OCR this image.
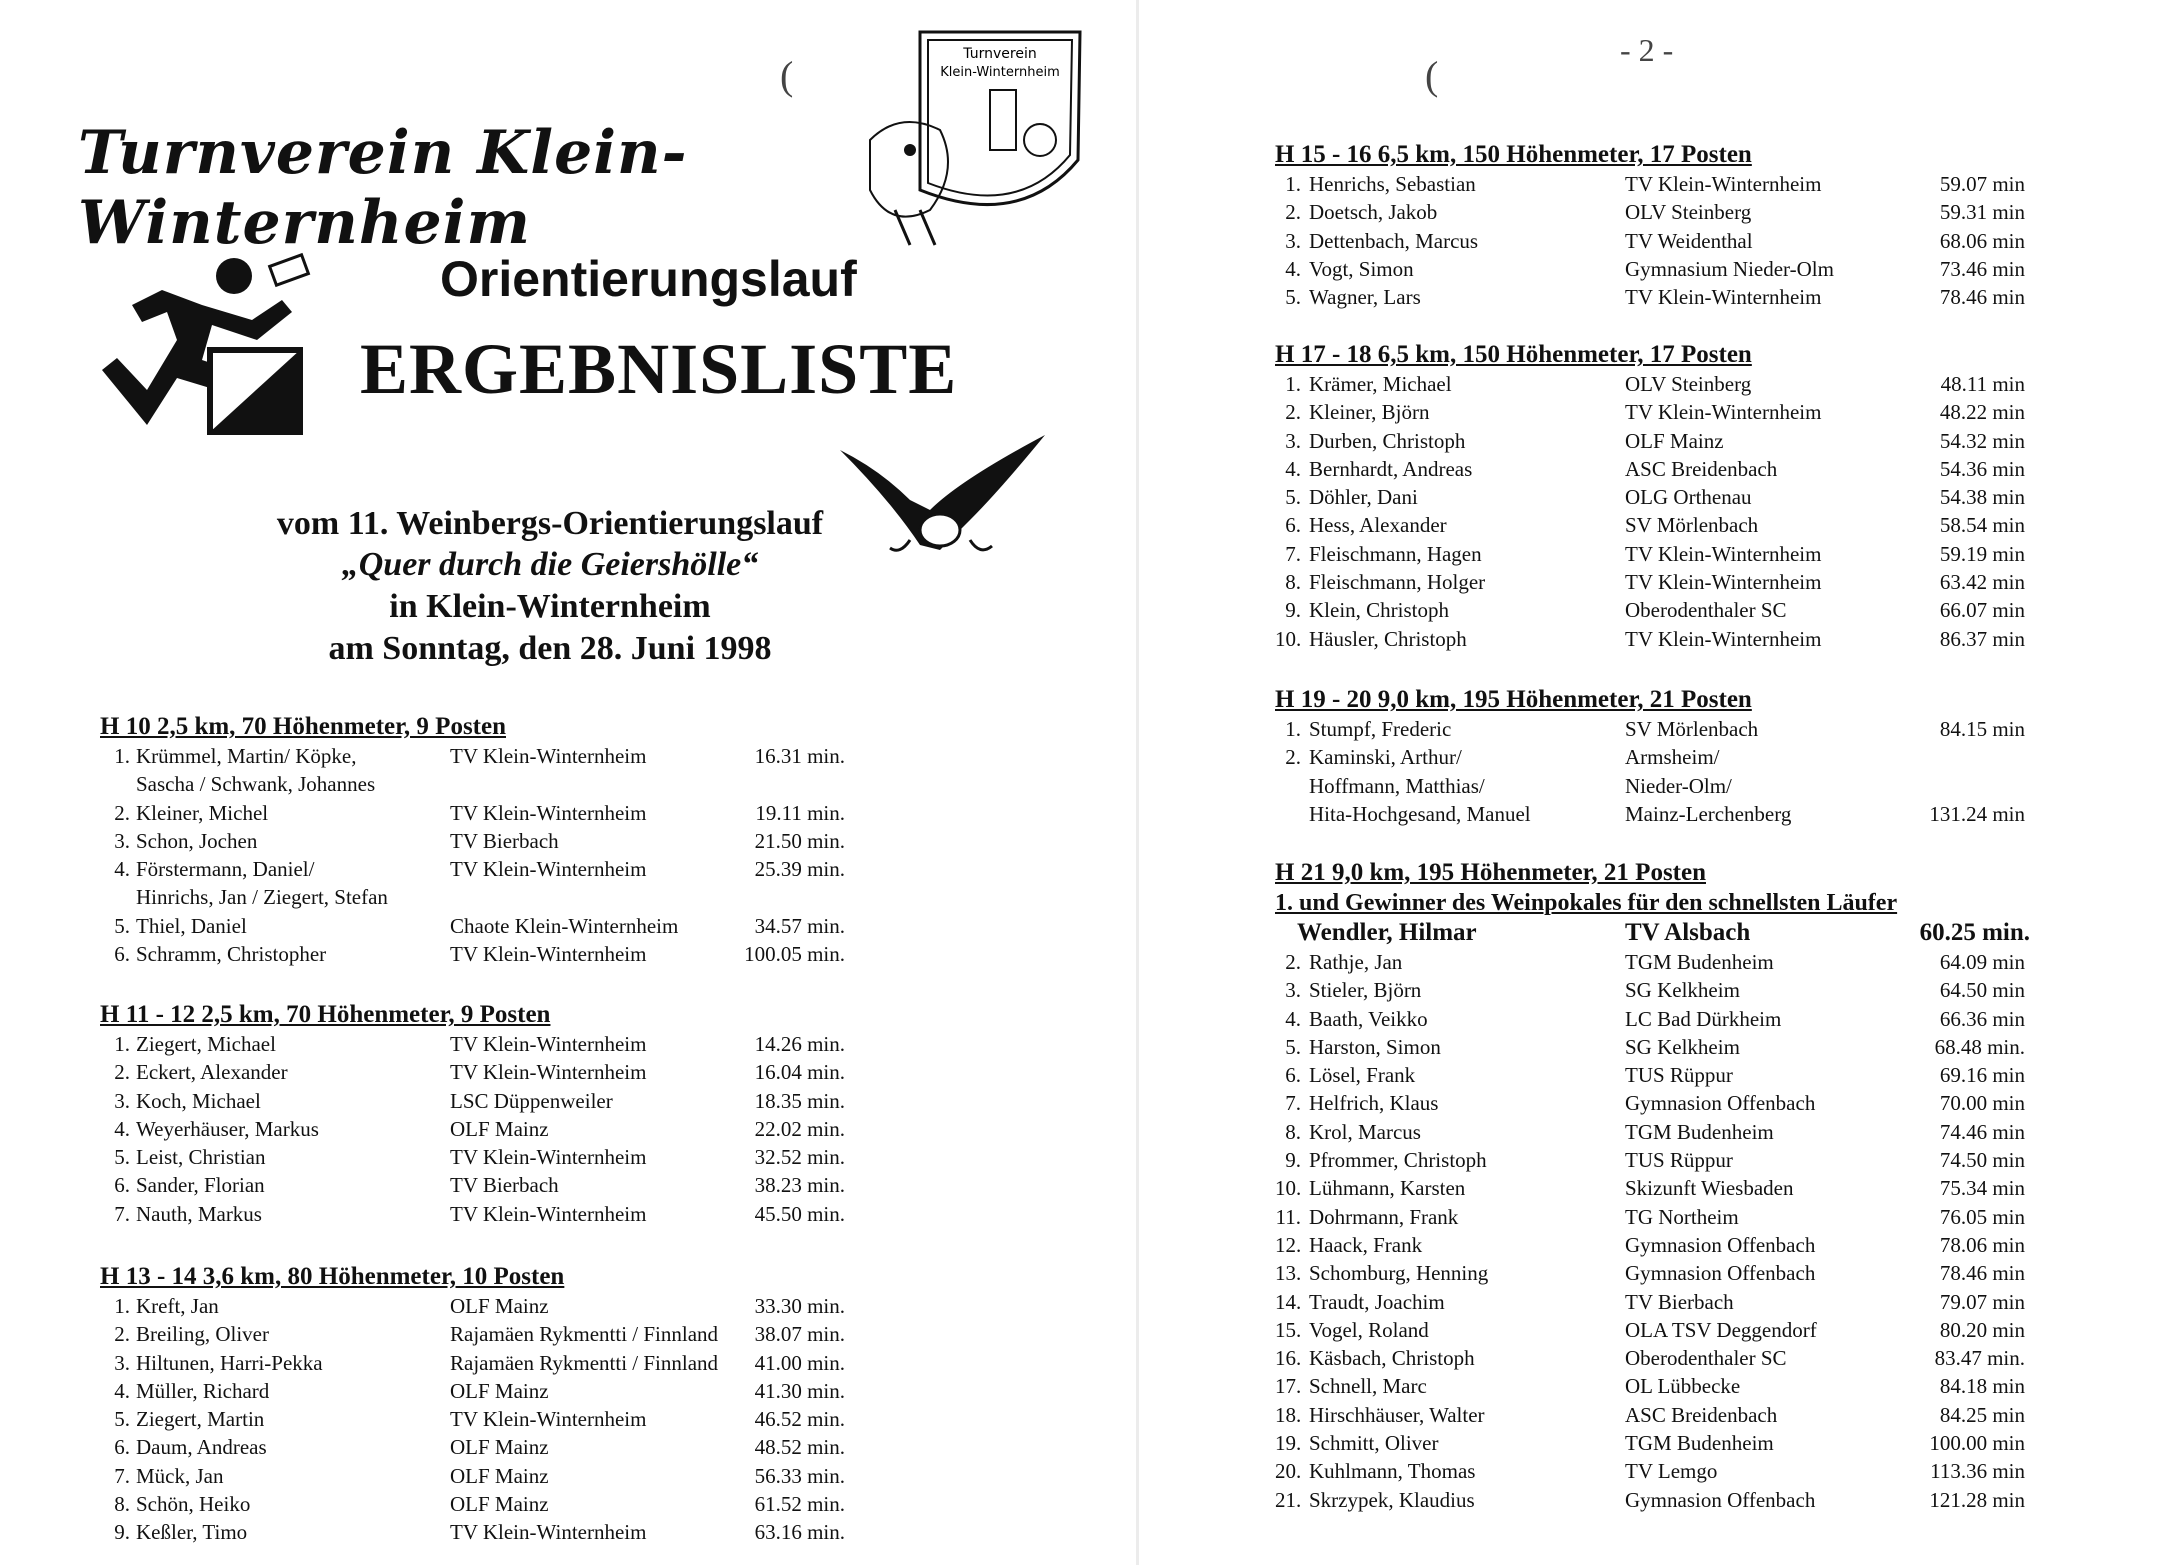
(
Turnverein Klein-Winternheim
Turnverein
Klein-Winternheim
Orientierungslauf
ERGEBNISLISTE
vom 11. Weinbergs-Orientierungslauf
„Quer durch die Geiershölle“
in Klein-Winternheim
am Sonntag, den 28. Juni 1998
H 10 2,5 km, 70 Höhenmeter, 9 Posten
1. Krümmel, Martin/ Köpke,	TV Klein-Winternheim	16.31 min.
Sascha / Schwank, Johannes
2. Kleiner, Michel	TV Klein-Winternheim	19.11 min.
3. Schon, Jochen	TV Bierbach	21.50 min.
4. Förstermann, Daniel/	TV Klein-Winternheim	25.39 min.
Hinrichs, Jan / Ziegert, Stefan
5. Thiel, Daniel	Chaote Klein-Winternheim	34.57 min.
6. Schramm, Christopher	TV Klein-Winternheim	100.05 min.
H 11 - 12 2,5 km, 70 Höhenmeter, 9 Posten
1. Ziegert, Michael	TV Klein-Winternheim	14.26 min.
2. Eckert, Alexander	TV Klein-Winternheim	16.04 min.
3. Koch, Michael	LSC Düppenweiler	18.35 min.
4. Weyerhäuser, Markus	OLF Mainz	22.02 min.
5. Leist, Christian	TV Klein-Winternheim	32.52 min.
6. Sander, Florian	TV Bierbach	38.23 min.
7. Nauth, Markus	TV Klein-Winternheim	45.50 min.
H 13 - 14 3,6 km, 80 Höhenmeter, 10 Posten
1. Kreft, Jan	OLF Mainz	33.30 min.
2. Breiling, Oliver	Rajamäen Rykmentti / Finnland	38.07 min.
3. Hiltunen, Harri-Pekka	Rajamäen Rykmentti / Finnland	41.00 min.
4. Müller, Richard	OLF Mainz	41.30 min.
5. Ziegert, Martin	TV Klein-Winternheim	46.52 min.
6. Daum, Andreas	OLF Mainz	48.52 min.
7. Mück, Jan	OLF Mainz	56.33 min.
8. Schön, Heiko	OLF Mainz	61.52 min.
9. Keßler, Timo	TV Klein-Winternheim	63.16 min.
(
- 2 -
H 15 - 16 6,5 km, 150 Höhenmeter, 17 Posten
1. Henrichs, Sebastian	TV Klein-Winternheim	59.07 min
2. Doetsch, Jakob	OLV Steinberg	59.31 min
3. Dettenbach, Marcus	TV Weidenthal	68.06 min
4. Vogt, Simon	Gymnasium Nieder-Olm	73.46 min
5. Wagner, Lars	TV Klein-Winternheim	78.46 min
H 17 - 18 6,5 km, 150 Höhenmeter, 17 Posten
1. Krämer, Michael	OLV Steinberg	48.11 min
2. Kleiner, Björn	TV Klein-Winternheim	48.22 min
3. Durben, Christoph	OLF Mainz	54.32 min
4. Bernhardt, Andreas	ASC Breidenbach	54.36 min
5. Döhler, Dani	OLG Orthenau	54.38 min
6. Hess, Alexander	SV Mörlenbach	58.54 min
7. Fleischmann, Hagen	TV Klein-Winternheim	59.19 min
8. Fleischmann, Holger	TV Klein-Winternheim	63.42 min
9. Klein, Christoph	Oberodenthaler SC	66.07 min
10. Häusler, Christoph	TV Klein-Winternheim	86.37 min
H 19 - 20 9,0 km, 195 Höhenmeter, 21 Posten
1. Stumpf, Frederic	SV Mörlenbach	84.15 min
2. Kaminski, Arthur/	Armsheim/
Hoffmann, Matthias/	Nieder-Olm/
Hita-Hochgesand, Manuel	Mainz-Lerchenberg	131.24 min
H 21 9,0 km, 195 Höhenmeter, 21 Posten
1. und Gewinner des Weinpokales für den schnellsten Läufer
Wendler, Hilmar	TV Alsbach	60.25 min.
2. Rathje, Jan	TGM Budenheim	64.09 min
3. Stieler, Björn	SG Kelkheim	64.50 min
4. Baath, Veikko	LC Bad Dürkheim	66.36 min
5. Harston, Simon	SG Kelkheim	68.48 min.
6. Lösel, Frank	TUS Rüppur	69.16 min
7. Helfrich, Klaus	Gymnasion Offenbach	70.00 min
8. Krol, Marcus	TGM Budenheim	74.46 min
9. Pfrommer, Christoph	TUS Rüppur	74.50 min
10. Lühmann, Karsten	Skizunft Wiesbaden	75.34 min
11. Dohrmann, Frank	TG Northeim	76.05 min
12. Haack, Frank	Gymnasion Offenbach	78.06 min
13. Schomburg, Henning	Gymnasion Offenbach	78.46 min
14. Traudt, Joachim	TV Bierbach	79.07 min
15. Vogel, Roland	OLA TSV Deggendorf	80.20 min
16. Käsbach, Christoph	Oberodenthaler SC	83.47 min.
17. Schnell, Marc	OL Lübbecke	84.18 min
18. Hirschhäuser, Walter	ASC Breidenbach	84.25 min
19. Schmitt, Oliver	TGM Budenheim	100.00 min
20. Kuhlmann, Thomas	TV Lemgo	113.36 min
21. Skrzypek, Klaudius	Gymnasion Offenbach	121.28 min
